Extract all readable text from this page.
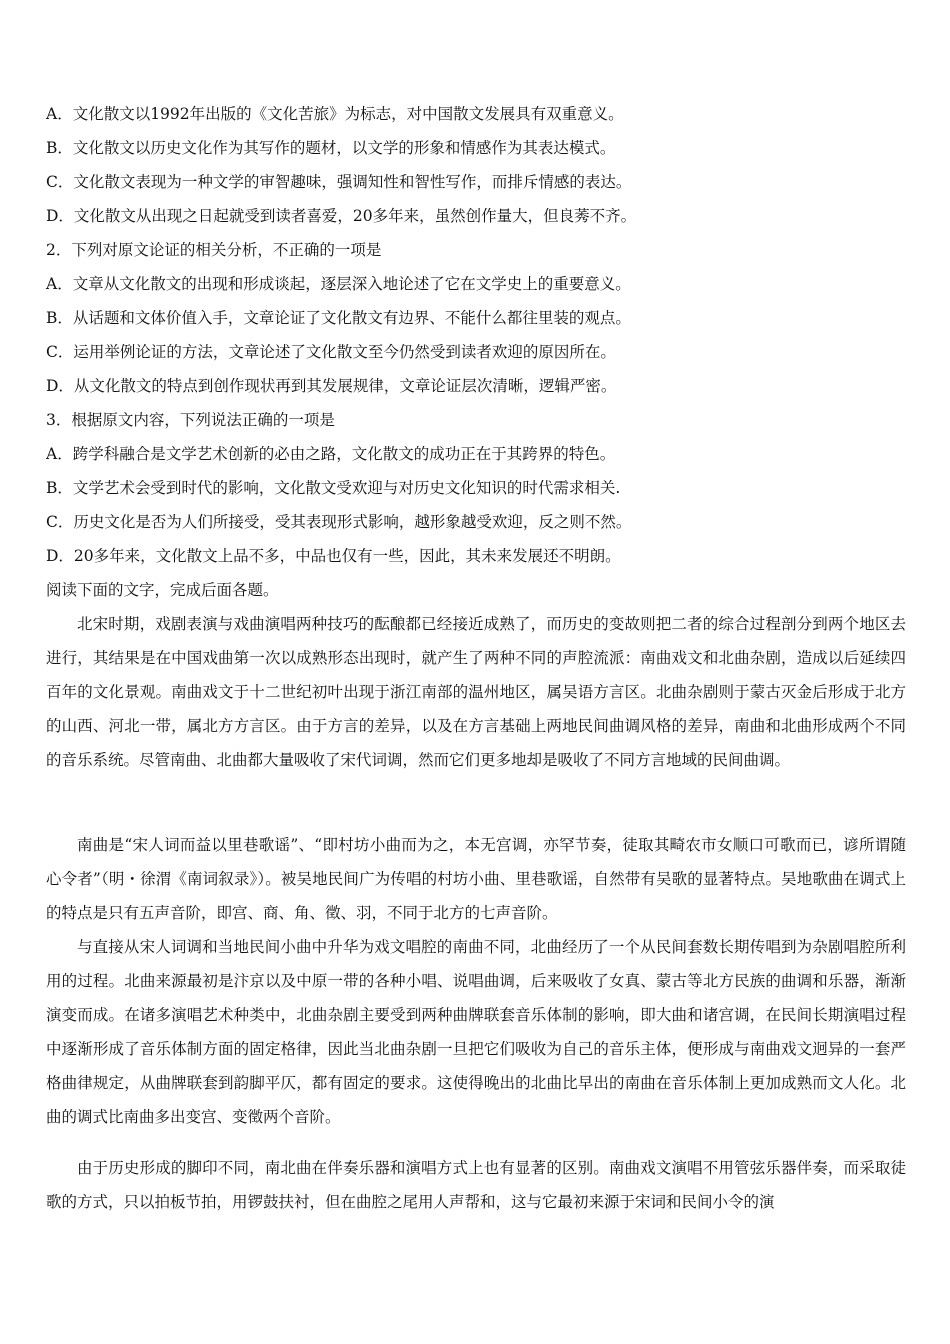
A．文化散文以1992年出版的《文化苦旅》为标志，对中国散文发展具有双重意义。
B．文化散文以历史文化作为其写作的题材，以文学的形象和情感作为其表达模式。
C．文化散文表现为一种文学的审智趣味，强调知性和智性写作，而排斥情感的表达。
D．文化散文从出现之日起就受到读者喜爱，20多年来，虽然创作量大，但良莠不齐。
2．下列对原文论证的相关分析，不正确的一项是
A．文章从文化散文的出现和形成谈起，逐层深入地论述了它在文学史上的重要意义。
B．从话题和文体价值入手，文章论证了文化散文有边界、不能什么都往里装的观点。
C．运用举例论证的方法，文章论述了文化散文至今仍然受到读者欢迎的原因所在。
D．从文化散文的特点到创作现状再到其发展规律，文章论证层次清晰，逻辑严密。
3．根据原文内容，下列说法正确的一项是
A．跨学科融合是文学艺术创新的必由之路，文化散文的成功正在于其跨界的特色。
B．文学艺术会受到时代的影响，文化散文受欢迎与对历史文化知识的时代需求相关.
C．历史文化是否为人们所接受，受其表现形式影响，越形象越受欢迎，反之则不然。
D．20多年来，文化散文上品不多，中品也仅有一些，因此，其未来发展还不明朗。
阅读下面的文字，完成后面各题。
北宋时期，戏剧表演与戏曲演唱两种技巧的酝酿都已经接近成熟了，而历史的变故则把二者的综合过程剖分到两个地区去进行，其结果是在中国戏曲第一次以成熟形态出现时，就产生了两种不同的声腔流派：南曲戏文和北曲杂剧，造成以后延续四百年的文化景观。南曲戏文于十二世纪初叶出现于浙江南部的温州地区，属吴语方言区。北曲杂剧则于蒙古灭金后形成于北方的山西、河北一带，属北方方言区。由于方言的差异，以及在方言基础上两地民间曲调风格的差异，南曲和北曲形成两个不同的音乐系统。尽管南曲、北曲都大量吸收了宋代词调，然而它们更多地却是吸收了不同方言地域的民间曲调。
南曲是“宋人词而益以里巷歌谣”、“即村坊小曲而为之，本无宫调，亦罕节奏，徒取其畸农市女顺口可歌而已，谚所谓随心令者”（明・徐渭《南词叙录》）。被吴地民间广为传唱的村坊小曲、里巷歌谣，自然带有吴歌的显著特点。吴地歌曲在调式上的特点是只有五声音阶，即宫、商、角、徵、羽，不同于北方的七声音阶。
与直接从宋人词调和当地民间小曲中升华为戏文唱腔的南曲不同，北曲经历了一个从民间套数长期传唱到为杂剧唱腔所利用的过程。北曲来源最初是汴京以及中原一带的各种小唱、说唱曲调，后来吸收了女真、蒙古等北方民族的曲调和乐器，渐渐演变而成。在诸多演唱艺术种类中，北曲杂剧主要受到两种曲牌联套音乐体制的影响，即大曲和诸宫调，在民间长期演唱过程中逐渐形成了音乐体制方面的固定格律，因此当北曲杂剧一旦把它们吸收为自己的音乐主体，便形成与南曲戏文迥异的一套严格曲律规定，从曲牌联套到韵脚平仄，都有固定的要求。这使得晚出的北曲比早出的南曲在音乐体制上更加成熟而文人化。北曲的调式比南曲多出变宫、变徵两个音阶。
由于历史形成的脚印不同，南北曲在伴奏乐器和演唱方式上也有显著的区别。南曲戏文演唱不用管弦乐器伴奏，而采取徒歌的方式，只以拍板节拍，用锣鼓扶衬，但在曲腔之尾用人声帮和，这与它最初来源于宋词和民间小令的演
